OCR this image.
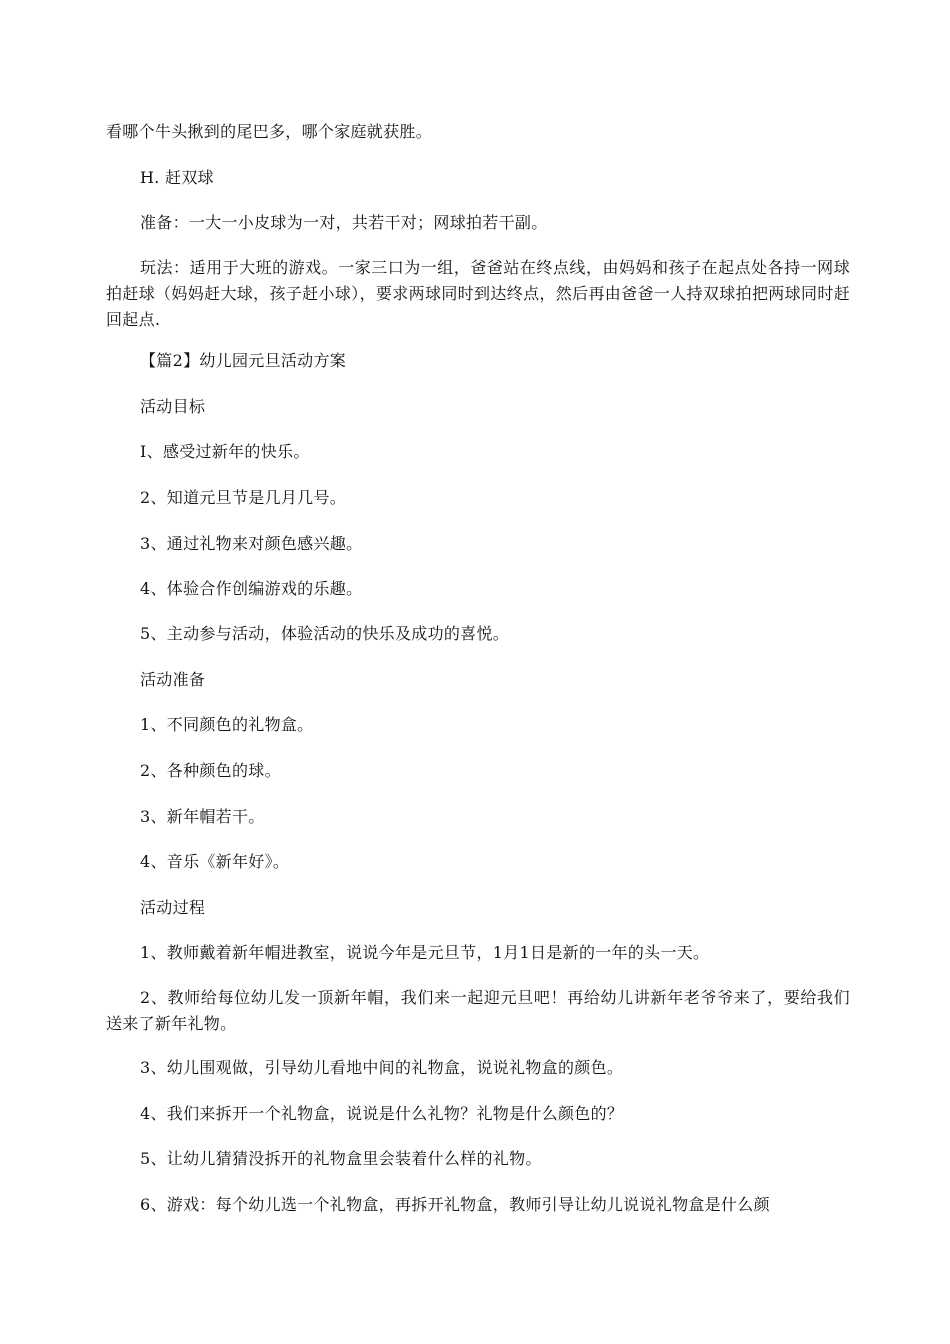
看哪个牛头揪到的尾巴多，哪个家庭就获胜。
H. 赶双球
准备：一大一小皮球为一对，共若干对；网球拍若干副。
玩法：适用于大班的游戏。一家三口为一组，爸爸站在终点线，由妈妈和孩子在起点处各持一网球拍赶球（妈妈赶大球，孩子赶小球），要求两球同时到达终点，然后再由爸爸一人持双球拍把两球同时赶回起点.
【篇2】幼儿园元旦活动方案
活动目标
I、感受过新年的快乐。
2、知道元旦节是几月几号。
3、通过礼物来对颜色感兴趣。
4、体验合作创编游戏的乐趣。
5、主动参与活动，体验活动的快乐及成功的喜悦。
活动准备
1、不同颜色的礼物盒。
2、各种颜色的球。
3、新年帽若干。
4、音乐《新年好》。
活动过程
1、教师戴着新年帽进教室，说说今年是元旦节，1月1日是新的一年的头一天。
2、教师给每位幼儿发一顶新年帽，我们来一起迎元旦吧！再给幼儿讲新年老爷爷来了，要给我们送来了新年礼物。
3、幼儿围观做，引导幼儿看地中间的礼物盒，说说礼物盒的颜色。
4、我们来拆开一个礼物盒，说说是什么礼物？礼物是什么颜色的？
5、让幼儿猜猜没拆开的礼物盒里会装着什么样的礼物。
6、游戏：每个幼儿选一个礼物盒，再拆开礼物盒，教师引导让幼儿说说礼物盒是什么颜
